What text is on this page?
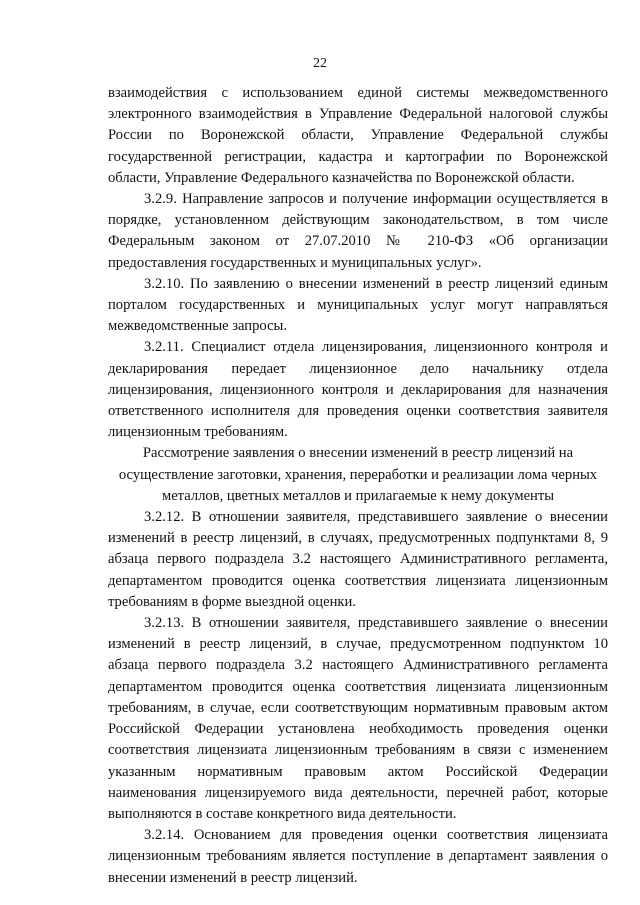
22

взаимодействия с использованием единой системы межведомственного электронного взаимодействия в Управление Федеральной налоговой службы России по Воронежской области, Управление Федеральной службы государственной регистрации, кадастра и картографии по Воронежской области, Управление Федерального казначейства по Воронежской области.

3.2.9. Направление запросов и получение информации осуществляется в порядке, установленном действующим законодательством, в том числе Федеральным законом от 27.07.2010 № 210-ФЗ «Об организации предоставления государственных и муниципальных услуг».

3.2.10. По заявлению о внесении изменений в реестр лицензий единым порталом государственных и муниципальных услуг могут направляться межведомственные запросы.

3.2.11. Специалист отдела лицензирования, лицензионного контроля и декларирования передает лицензионное дело начальнику отдела лицензирования, лицензионного контроля и декларирования для назначения ответственного исполнителя для проведения оценки соответствия заявителя лицензионным требованиям.

Рассмотрение заявления о внесении изменений в реестр лицензий на
осуществление заготовки, хранения, переработки и реализации лома черных
металлов, цветных металлов и прилагаемые к нему документы

3.2.12. В отношении заявителя, представившего заявление о внесении изменений в реестр лицензий, в случаях, предусмотренных подпунктами 8, 9 абзаца первого подраздела 3.2 настоящего Административного регламента, департаментом проводится оценка соответствия лицензиата лицензионным требованиям в форме выездной оценки.

3.2.13. В отношении заявителя, представившего заявление о внесении изменений в реестр лицензий, в случае, предусмотренном подпунктом 10 абзаца первого подраздела 3.2 настоящего Административного регламента департаментом проводится оценка соответствия лицензиата лицензионным требованиям, в случае, если соответствующим нормативным правовым актом Российской Федерации установлена необходимость проведения оценки соответствия лицензиата лицензионным требованиям в связи с изменением указанным нормативным правовым актом Российской Федерации наименования лицензируемого вида деятельности, перечней работ, которые выполняются в составе конкретного вида деятельности.

3.2.14. Основанием для проведения оценки соответствия лицензиата лицензионным требованиям является поступление в департамент заявления о внесении изменений в реестр лицензий.
